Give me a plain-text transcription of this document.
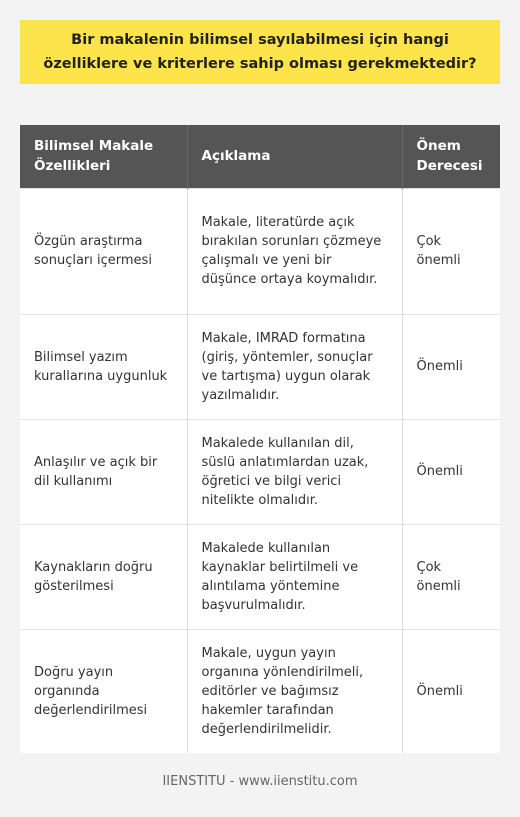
Bir makalenin bilimsel sayılabilmesi için hangi özelliklere ve kriterlere sahip olması gerekmektedir?
Bilimsel Makale Özellikleri	Açıklama	Önem Derecesi
Özgün araştırma sonuçları içermesi	Makale, literatürde açık bırakılan sorunları çözmeye çalışmalı ve yeni bir düşünce ortaya koymalıdır.	Çok önemli
Bilimsel yazım kurallarına uygunluk	Makale, IMRAD formatına (giriş, yöntemler, sonuçlar ve tartışma) uygun olarak yazılmalıdır.	Önemli
Anlaşılır ve açık bir dil kullanımı	Makalede kullanılan dil, süslü anlatımlardan uzak, öğretici ve bilgi verici nitelikte olmalıdır.	Önemli
Kaynakların doğru gösterilmesi	Makalede kullanılan kaynaklar belirtilmeli ve alıntılama yöntemine başvurulmalıdır.	Çok önemli
Doğru yayın organında değerlendirilmesi	Makale, uygun yayın organına yönlendirilmeli, editörler ve bağımsız hakemler tarafından değerlendirilmelidir.	Önemli
IIENSTITU - www.iienstitu.com
